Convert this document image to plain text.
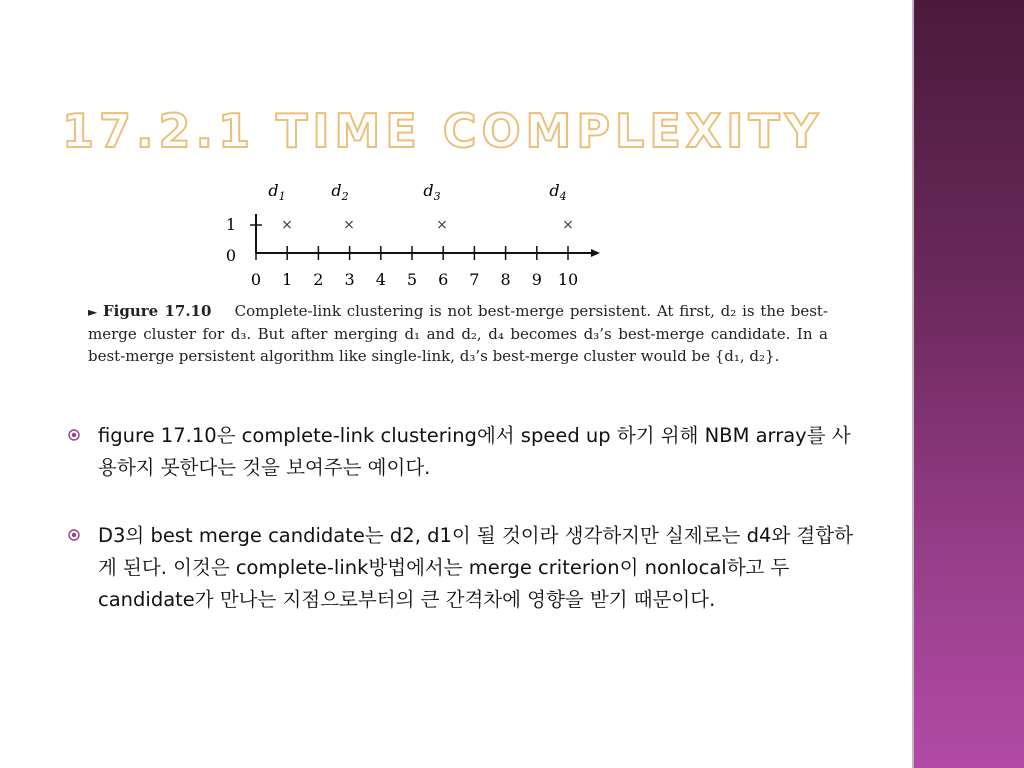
17.2.1 TIME COMPLEXITY
$d_1$	$d_2$	$d_3$	$d_4$
×	×	×	×
1
0
0 1 2 3 4 5 6 7 8 9 10
► Figure 17.10 Complete-link clustering is not best-merge persistent. At first, d₂ is the best-merge cluster for d₃. But after merging d₁ and d₂, d₄ becomes d₃’s best-merge candidate. In a best-merge persistent algorithm like single-link, d₃’s best-merge cluster would be {d₁, d₂}.
figure 17.10은 complete-link clustering에서 speed up 하기 위해 NBM array를 사용하지 못한다는 것을 보여주는 예이다.
D3의 best merge candidate는 d2, d1이 될 것이라 생각하지만 실제로는 d4와 결합하게 된다. 이것은 complete-link방법에서는 merge criterion이 nonlocal하고 두 candidate가 만나는 지점으로부터의 큰 간격차에 영향을 받기 때문이다.
